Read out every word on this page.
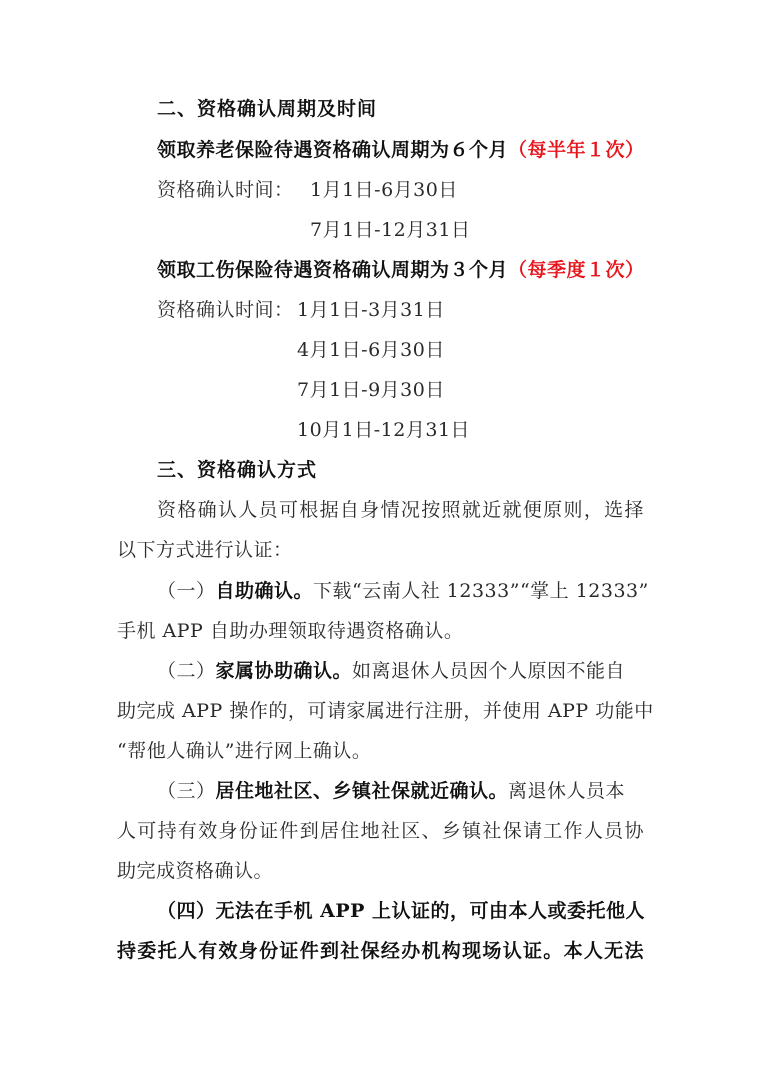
二、资格确认周期及时间
领取养老保险待遇资格确认周期为６个月（每半年１次）
资格确认时间： 1月1日-6月30日
7月1日-12月31日
领取工伤保险待遇资格确认周期为３个月（每季度１次）
资格确认时间： 1月1日-3月31日
4月1日-6月30日
7月1日-9月30日
10月1日-12月31日
三、资格确认方式
资格确认人员可根据自身情况按照就近就便原则，选择
以下方式进行认证：
（一）自助确认。下载“云南人社 12333”“掌上 12333”
手机 APP 自助办理领取待遇资格确认。
（二）家属协助确认。如离退休人员因个人原因不能自
助完成 APP 操作的，可请家属进行注册，并使用 APP 功能中
“帮他人确认”进行网上确认。
（三）居住地社区、乡镇社保就近确认。离退休人员本
人可持有效身份证件到居住地社区、乡镇社保请工作人员协
助完成资格确认。
（四）无法在手机 APP 上认证的，可由本人或委托他人
持委托人有效身份证件到社保经办机构现场认证。本人无法
